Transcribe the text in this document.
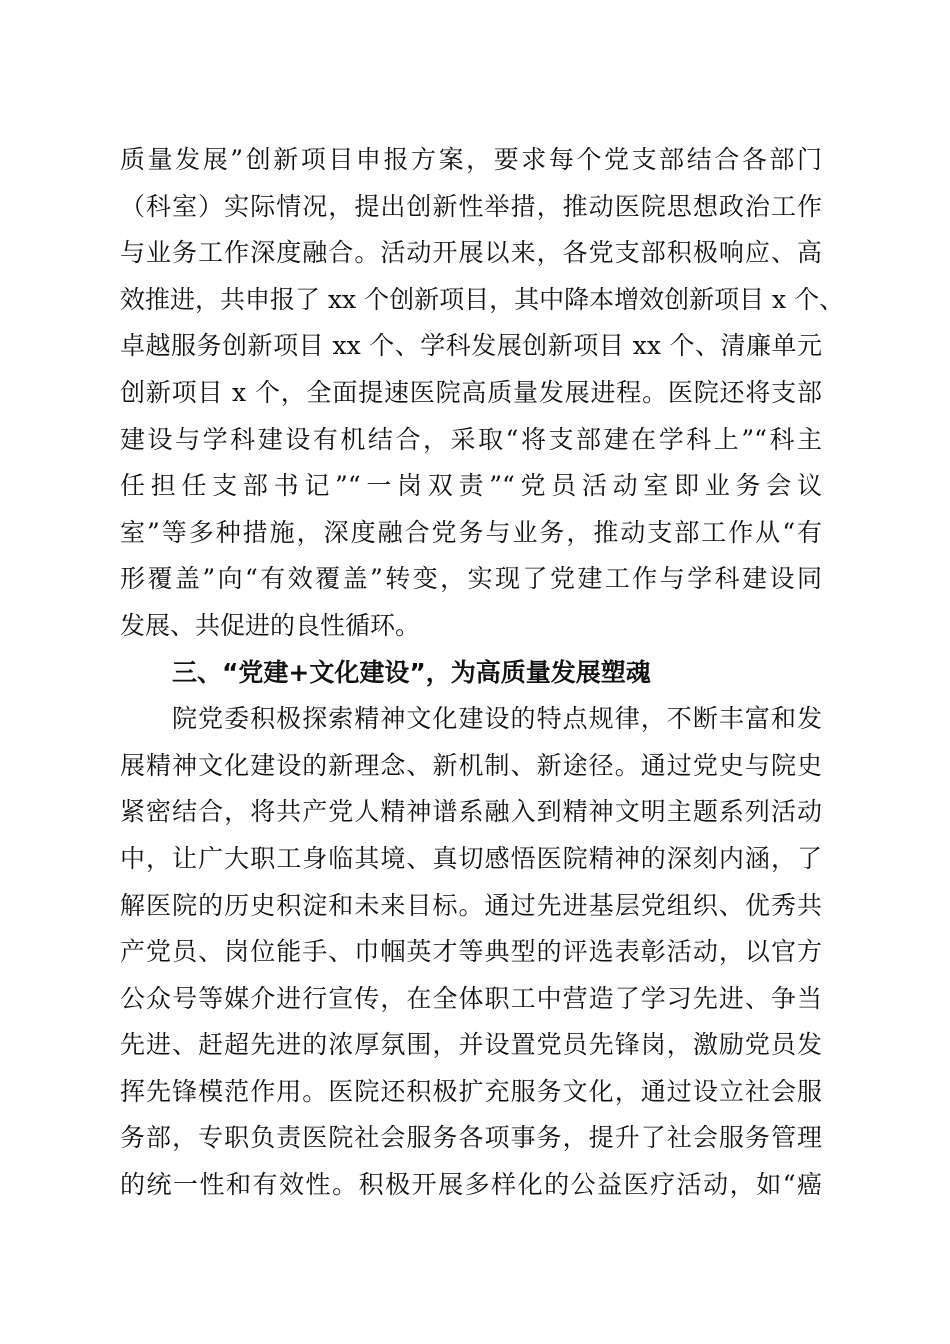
质量发展”创新项目申报方案，要求每个党支部结合各部门
（科室）实际情况，提出创新性举措，推动医院思想政治工作
与业务工作深度融合。活动开展以来，各党支部积极响应、高
效推进，共申报了 xx 个创新项目，其中降本增效创新项目 x 个、
卓越服务创新项目 xx 个、学科发展创新项目 xx 个、清廉单元
创新项目 x 个，全面提速医院高质量发展进程。医院还将支部
建设与学科建设有机结合，采取“将支部建在学科上”“科主
任担任支部书记”“一岗双责”“党员活动室即业务会议
室”等多种措施，深度融合党务与业务，推动支部工作从“有
形覆盖”向“有效覆盖”转变，实现了党建工作与学科建设同
发展、共促进的良性循环。
三、“党建+文化建设”，为高质量发展塑魂
院党委积极探索精神文化建设的特点规律，不断丰富和发
展精神文化建设的新理念、新机制、新途径。通过党史与院史
紧密结合，将共产党人精神谱系融入到精神文明主题系列活动
中，让广大职工身临其境、真切感悟医院精神的深刻内涵，了
解医院的历史积淀和未来目标。通过先进基层党组织、优秀共
产党员、岗位能手、巾帼英才等典型的评选表彰活动，以官方
公众号等媒介进行宣传，在全体职工中营造了学习先进、争当
先进、赶超先进的浓厚氛围，并设置党员先锋岗，激励党员发
挥先锋模范作用。医院还积极扩充服务文化，通过设立社会服
务部，专职负责医院社会服务各项事务，提升了社会服务管理
的统一性和有效性。积极开展多样化的公益医疗活动，如“癌
